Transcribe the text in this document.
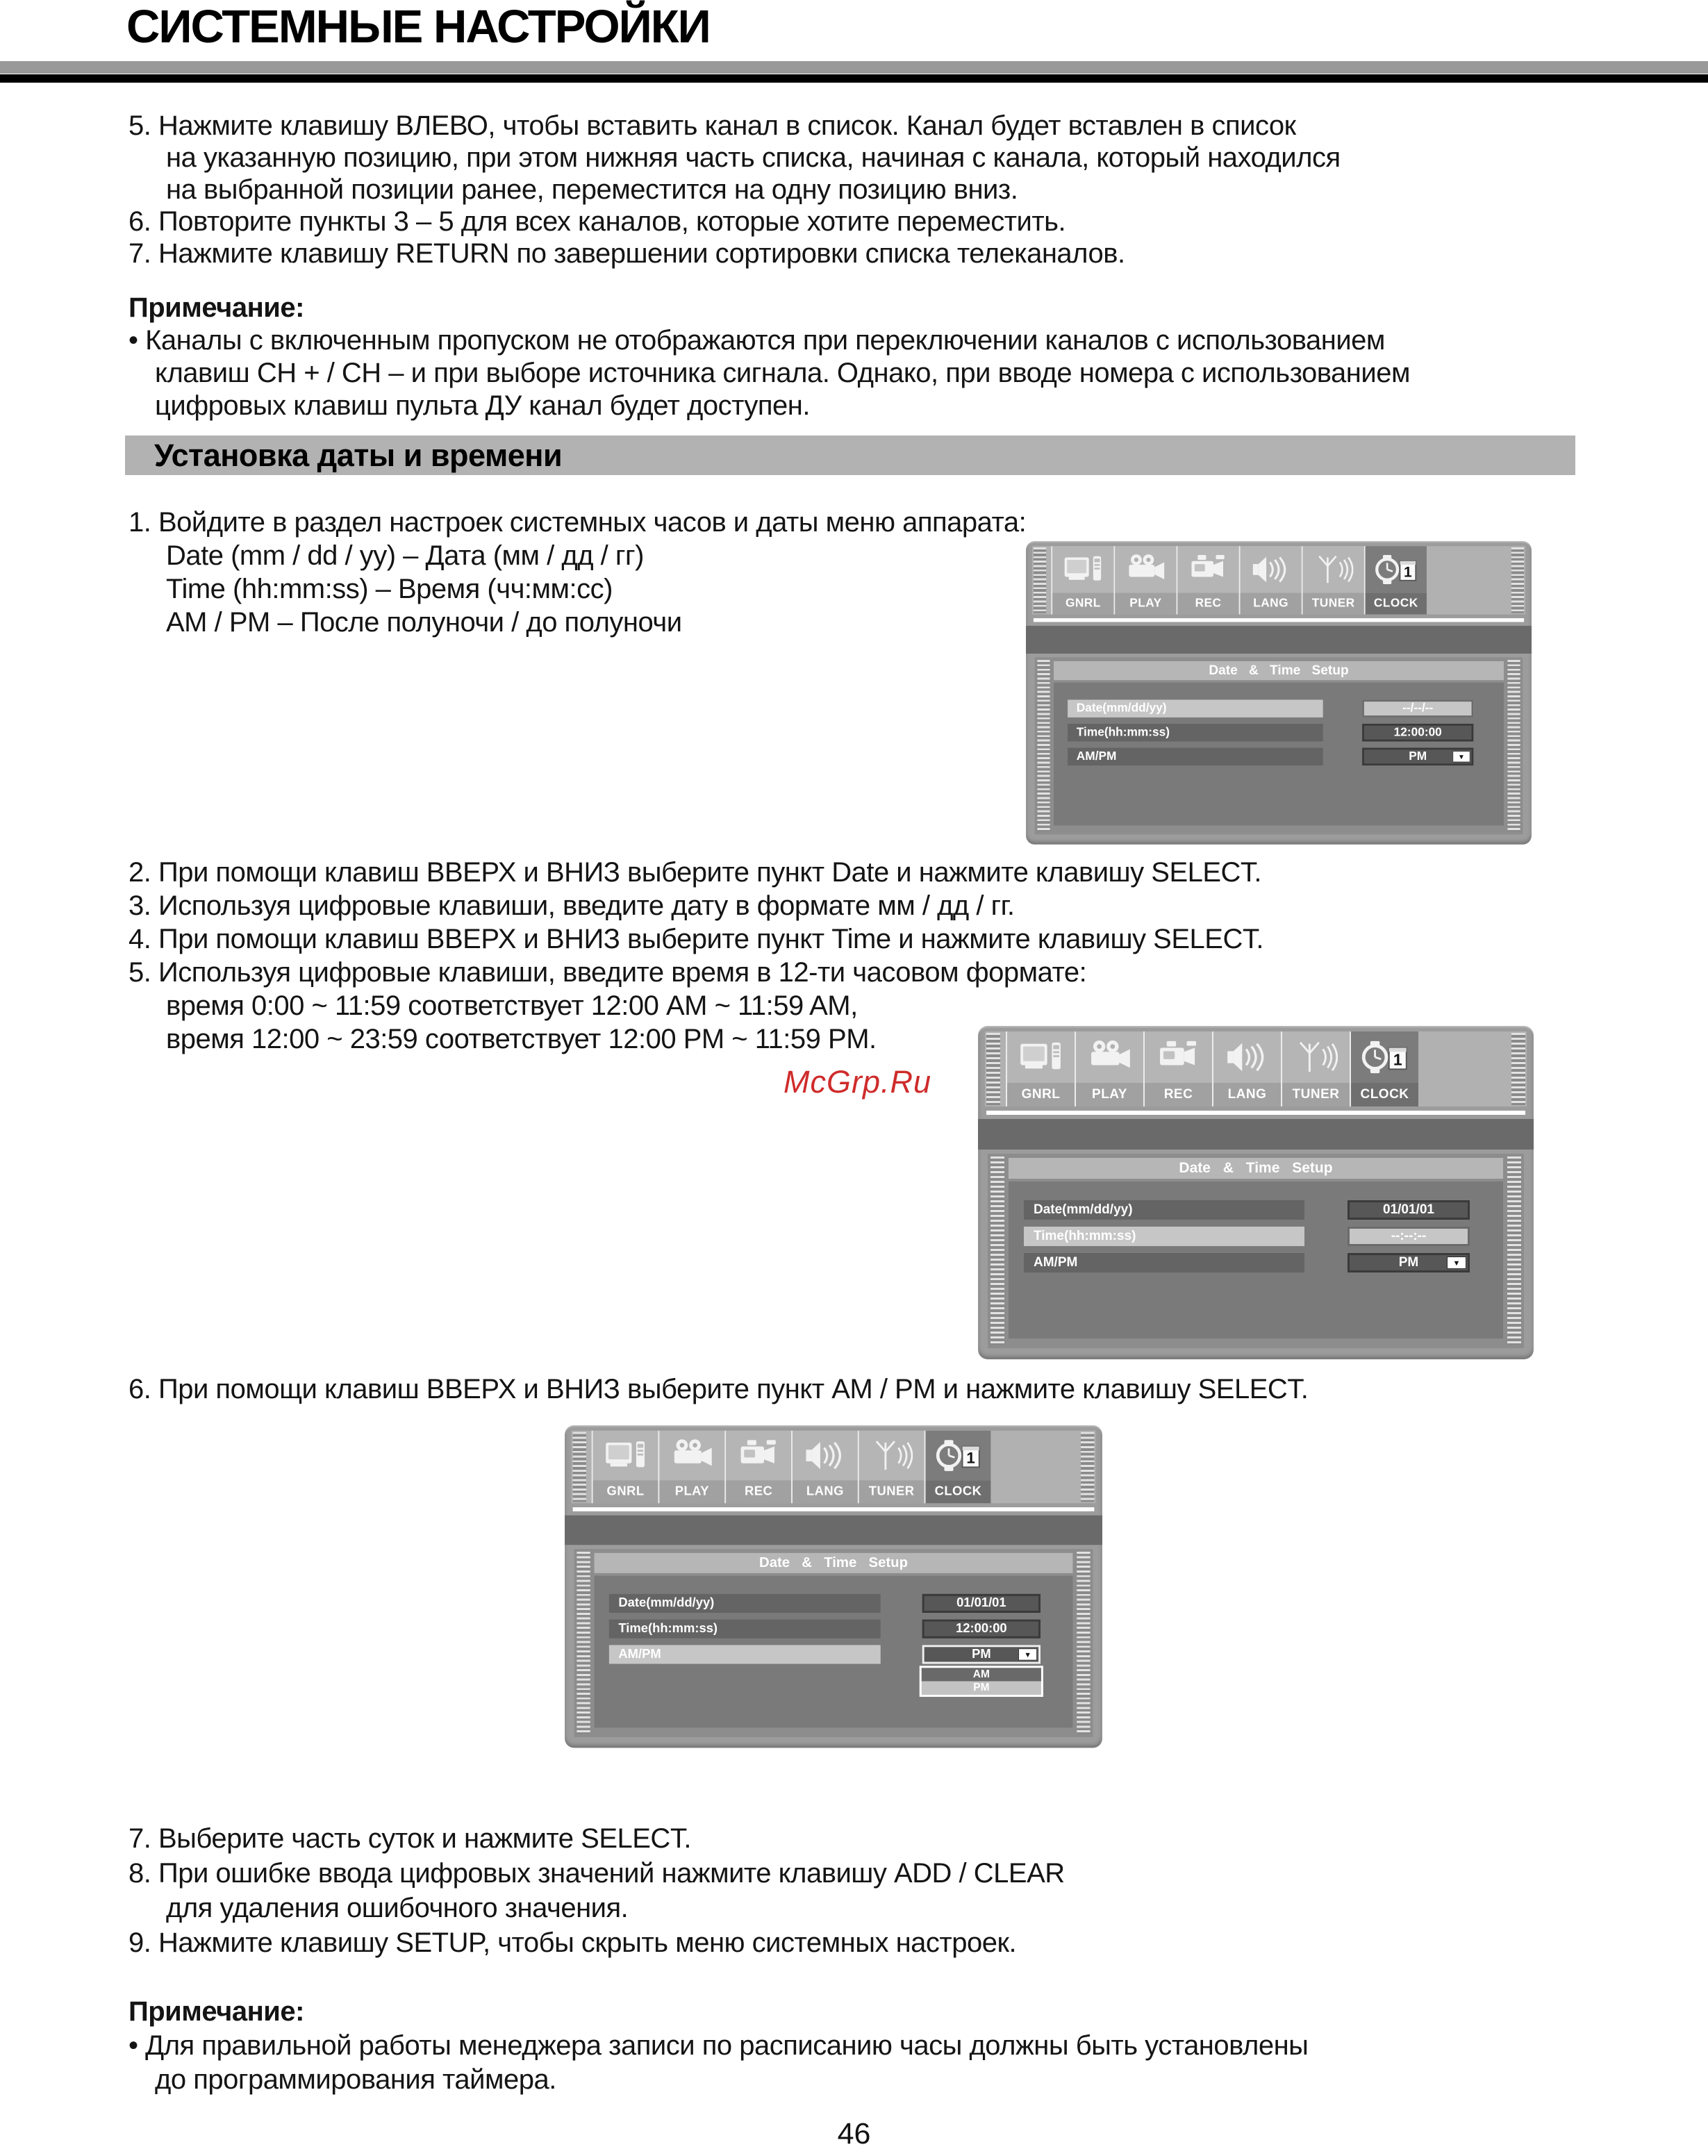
СИСТЕМНЫЕ НАСТРОЙКИ
5. Нажмите клавишу ВЛЕВО, чтобы вставить канал в список. Канал будет вставлен в список
на указанную позицию, при этом нижняя часть списка, начиная с канала, который находился
на выбранной позиции ранее, переместится на одну позицию вниз.
6. Повторите пункты 3 – 5 для всех каналов, которые хотите переместить.
7. Нажмите клавишу RETURN по завершении сортировки списка телеканалов.
Примечание:
• Каналы с включенным пропуском не отображаются при переключении каналов с использованием
клавиш CH + / CH – и при выборе источника сигнала. Однако, при вводе номера с использованием
цифровых клавиш пульта ДУ канал будет доступен.
Установка даты и времени
1. Войдите в раздел настроек системных часов и даты меню аппарата:
Date (mm / dd / yy) – Дата (мм / дд / гг)
Time (hh:mm:ss) – Время (чч:мм:сс)
AM / PM – После полуночи / до полуночи
2. При помощи клавиш ВВЕРХ и ВНИЗ выберите пункт Date и нажмите клавишу SELECT.
3. Используя цифровые клавиши, введите дату в формате мм / дд / гг.
4. При помощи клавиш ВВЕРХ и ВНИЗ выберите пункт Time и нажмите клавишу SELECT.
5. Используя цифровые клавиши, введите время в 12-ти часовом формате:
время 0:00 ~ 11:59 соответствует 12:00 AM ~ 11:59 AM,
время 12:00 ~ 23:59 соответствует 12:00 PM ~ 11:59 PM.
McGrp.Ru
6. При помощи клавиш ВВЕРХ и ВНИЗ выберите пункт AM / PM и нажмите клавишу SELECT.
7. Выберите часть суток и нажмите SELECT.
8. При ошибке ввода цифровых значений нажмите клавишу ADD / CLEAR
для удаления ошибочного значения.
9. Нажмите клавишу SETUP, чтобы скрыть меню системных настроек.
Примечание:
• Для правильной работы менеджера записи по расписанию часы должны быть установлены
до программирования таймера.
46
GNRL	PLAY	REC	LANG	TUNER
1
CLOCK
Date & Time Setup
Date(mm/dd/yy)	--/--/--
Time(hh:mm:ss)	12:00:00
AM/PM	PM	▼
GNRL	PLAY	REC	LANG	TUNER
1
CLOCK
Date & Time Setup
Date(mm/dd/yy)	01/01/01
Time(hh:mm:ss)	--:--:--
AM/PM	PM	▼
GNRL	PLAY	REC	LANG	TUNER
1
CLOCK
Date & Time Setup
Date(mm/dd/yy)	01/01/01
Time(hh:mm:ss)	12:00:00
AM/PM	PM	▼
AM
PM
